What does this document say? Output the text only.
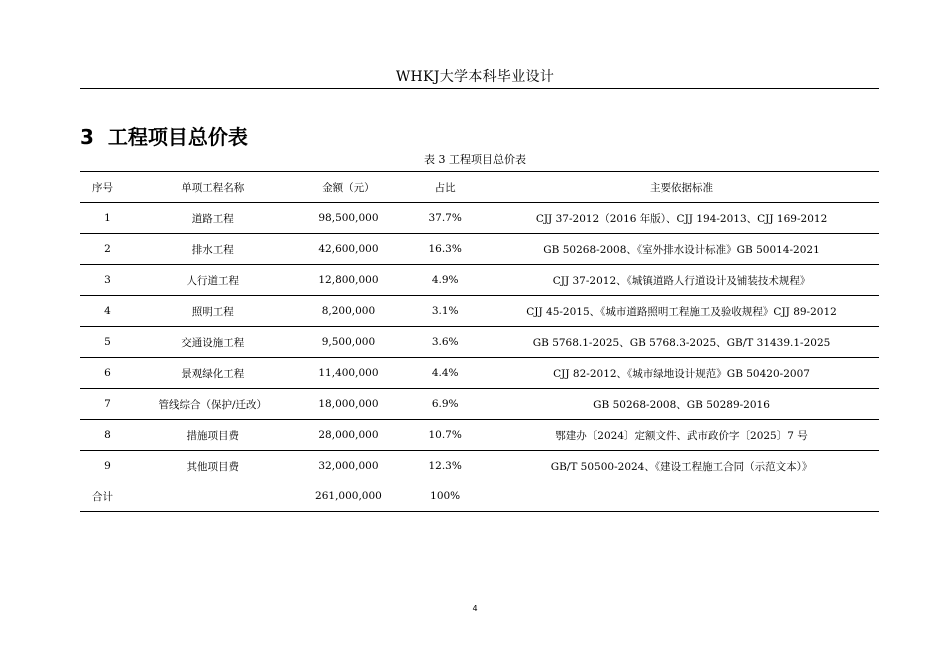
WHKJ大学本科毕业设计
3 工程项目总价表
表 3 工程项目总价表
序号	单项工程名称	金额（元）	占比	主要依据标准
1	道路工程	98,500,000	37.7%	CJJ 37-2012（2016 年版）、CJJ 194-2013、CJJ 169-2012
2	排水工程	42,600,000	16.3%	GB 50268-2008、《室外排水设计标准》GB 50014-2021
3	人行道工程	12,800,000	4.9%	CJJ 37-2012、《城镇道路人行道设计及铺装技术规程》
4	照明工程	8,200,000	3.1%	CJJ 45-2015、《城市道路照明工程施工及验收规程》CJJ 89-2012
5	交通设施工程	9,500,000	3.6%	GB 5768.1-2025、GB 5768.3-2025、GB/T 31439.1-2025
6	景观绿化工程	11,400,000	4.4%	CJJ 82-2012、《城市绿地设计规范》GB 50420-2007
7	管线综合（保护/迁改）	18,000,000	6.9%	GB 50268-2008、GB 50289-2016
8	措施项目费	28,000,000	10.7%	鄂建办〔2024〕定额文件、武市政价字〔2025〕7 号
9	其他项目费	32,000,000	12.3%	GB/T 50500-2024、《建设工程施工合同（示范文本）》
合计		261,000,000	100%	
4
